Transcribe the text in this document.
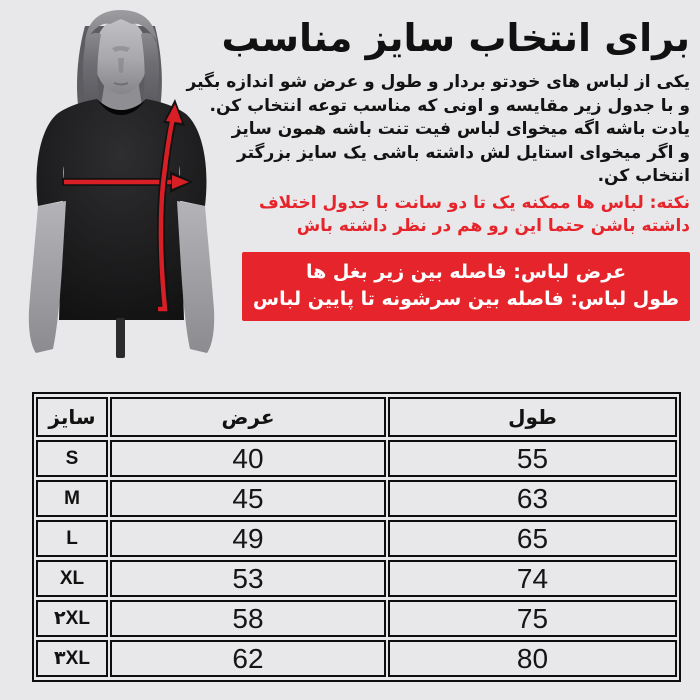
برای انتخاب سایز مناسب
یکی از لباس های خودتو بردار و طول و عرض شو اندازه بگیر
و با جدول زیر مقایسه و اونی که مناسب توعه انتخاب کن.
یادت باشه اگه میخوای لباس فیت تنت باشه همون سایز
و اگر میخوای استایل لش داشته باشی یک سایز بزرگتر
انتخاب کن.
نکته: لباس ها ممکنه یک تا دو سانت با جدول اختلاف
داشته باشن حتما این رو هم در نظر داشته باش
عرض لباس: فاصله بین زیر بغل ها
طول لباس: فاصله بین سرشونه تا پایین لباس
سایز	عرض	طول
S	40	55
M	45	63
L	49	65
XL	53	74
۲XL	58	75
۳XL	62	80
